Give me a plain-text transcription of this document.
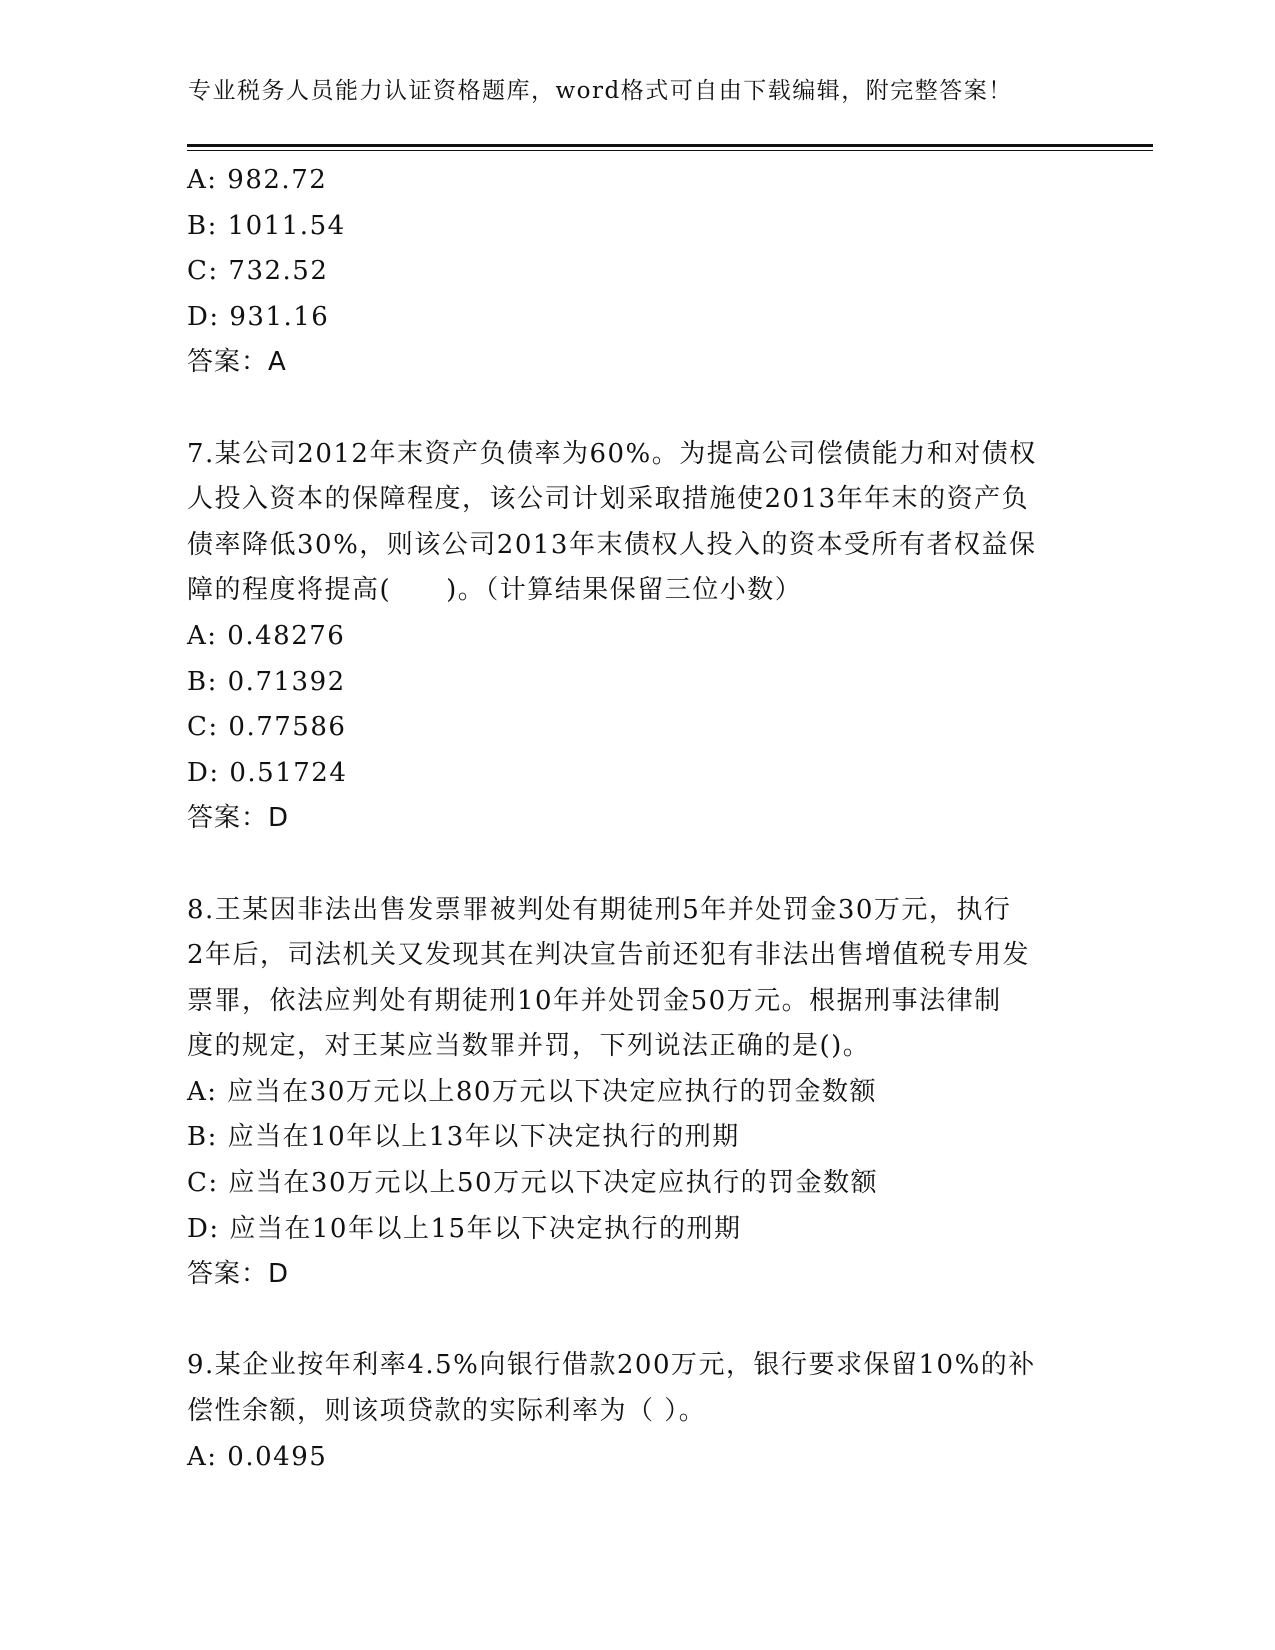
专业税务人员能力认证资格题库，word格式可自由下载编辑，附完整答案！

A: 982.72

B: 1011.54

C: 732.52

D: 931.16

答案：A

7.某公司2012年末资产负债率为60%。为提高公司偿债能力和对债权

人投入资本的保障程度，该公司计划采取措施使2013年年末的资产负

债率降低30%，则该公司2013年末债权人投入的资本受所有者权益保

障的程度将提高(　　)。（计算结果保留三位小数）

A: 0.48276

B: 0.71392

C: 0.77586

D: 0.51724

答案：D

8.王某因非法出售发票罪被判处有期徒刑5年并处罚金30万元，执行

2年后，司法机关又发现其在判决宣告前还犯有非法出售增值税专用发

票罪，依法应判处有期徒刑10年并处罚金50万元。根据刑事法律制

度的规定，对王某应当数罪并罚，下列说法正确的是()。

A: 应当在30万元以上80万元以下决定应执行的罚金数额

B: 应当在10年以上13年以下决定执行的刑期

C: 应当在30万元以上50万元以下决定应执行的罚金数额

D: 应当在10年以上15年以下决定执行的刑期

答案：D

9.某企业按年利率4.5%向银行借款200万元，银行要求保留10%的补

偿性余额，则该项贷款的实际利率为（ ）。

A: 0.0495
